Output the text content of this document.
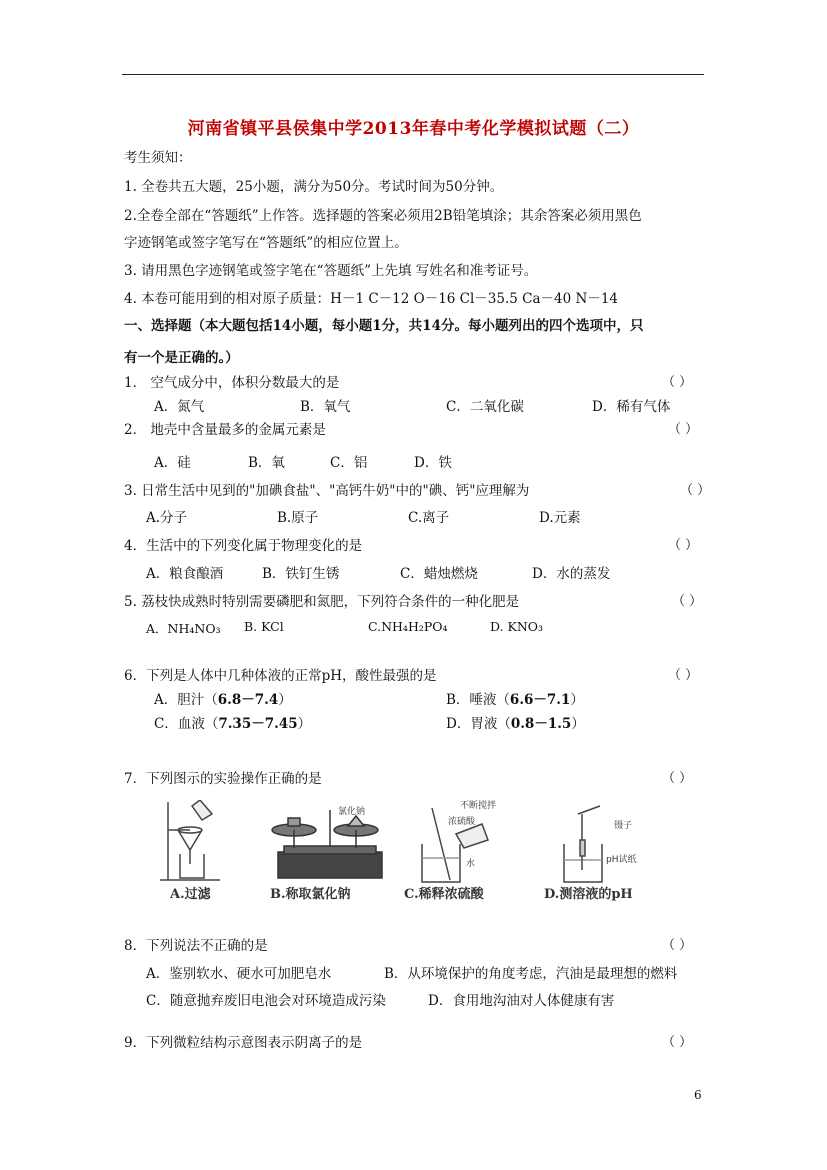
河南省镇平县侯集中学2013年春中考化学模拟试题（二）
考生须知：
1. 全卷共五大题，25小题，满分为50分。考试时间为50分钟。
2.全卷全部在“答题纸”上作答。选择题的答案必须用2B铅笔填涂；其余答案必须用黑色
字迹钢笔或签字笔写在“答题纸”的相应位置上。
3. 请用黑色字迹钢笔或签字笔在“答题纸”上先填 写姓名和准考证号。
4. 本卷可能用到的相对原子质量：H－1 C－12 O－16 Cl－35.5 Ca－40 N－14
一、选择题（本大题包括14小题，每小题1分，共14分。每小题列出的四个选项中，只
有一个是正确的。）
1． 空气成分中，体积分数最大的是	（ ）
A．氮气	B．氧气	C．二氧化碳	D．稀有气体
2． 地壳中含量最多的金属元素是	（ ）
A．硅	B．氧	C．铝	D．铁
3. 日常生活中见到的"加碘食盐"、"高钙牛奶"中的"碘、钙"应理解为	（ ）
A.分子	B.原子	C.离子	D.元素
4．生活中的下列变化属于物理变化的是	（ ）
A．粮食酿酒	B．铁钉生锈	C．蜡烛燃烧	D．水的蒸发
5. 荔枝快成熟时特别需要磷肥和氮肥，下列符合条件的一种化肥是	（ ）
A．NH₄NO₃ B. KCl	C.NH₄H₂PO₄	D. KNO₃
6．下列是人体中几种体液的正常pH，酸性最强的是	（ ）
A．胆汁（6.8－7.4）	B．唾液（6.6－7.1）
C．血液（7.35－7.45）	D．胃液（0.8－1.5）
7．下列图示的实验操作正确的是	（ ）
A.过滤
氯化钠
B.称取氯化钠
不断搅拌
浓硫酸
水
C.稀释浓硫酸
镊子
pH试纸
D.测溶液的pH
8．下列说法不正确的是	（ ）
A．鉴别软水、硬水可加肥皂水	B．从环境保护的角度考虑，汽油是最理想的燃料
C．随意抛弃废旧电池会对环境造成污染	D．食用地沟油对人体健康有害
9．下列微粒结构示意图表示阴离子的是	（ ）
6
